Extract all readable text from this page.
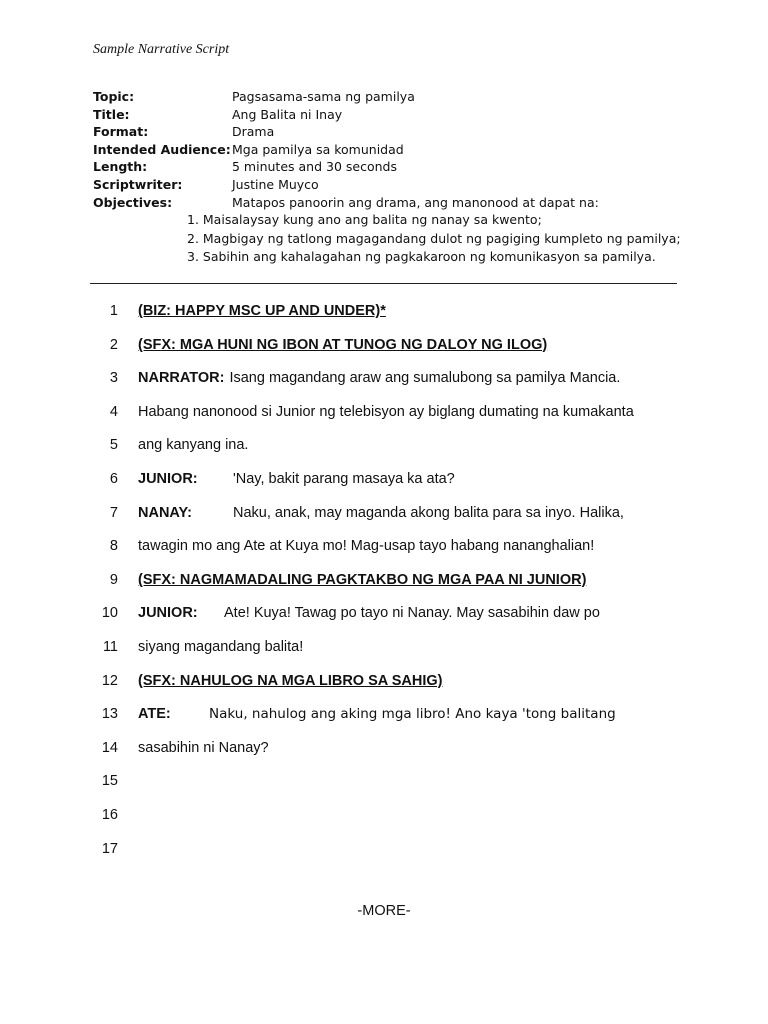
Sample Narrative Script
Topic:	Pagsasama-sama ng pamilya
Title:	Ang Balita ni Inay
Format:	Drama
Intended Audience:Mga pamilya sa komunidad
Length:	5 minutes and 30 seconds
Scriptwriter:	Justine Muyco
Objectives:	Matapos panoorin ang drama, ang manonood at dapat na:
1. Maisalaysay kung ano ang balita ng nanay sa kwento;
2. Magbigay ng tatlong magagandang dulot ng pagiging kumpleto ng pamilya;
3. Sabihin ang kahalagahan ng pagkakaroon ng komunikasyon sa pamilya.
1 (BIZ: HAPPY MSC UP AND UNDER)*
2 (SFX: MGA HUNI NG IBON AT TUNOG NG DALOY NG ILOG)
3 NARRATOR: Isang magandang araw ang sumalubong sa pamilya Mancia.
4 Habang nanonood si Junior ng telebisyon ay biglang dumating na kumakanta
5 ang kanyang ina.
6 JUNIOR: 'Nay, bakit parang masaya ka ata?
7 NANAY:	Naku, anak, may maganda akong balita para sa inyo. Halika,
8 tawagin mo ang Ate at Kuya mo! Mag-usap tayo habang nananghalian!
9 (SFX: NAGMAMADALING PAGKTAKBO NG MGA PAA NI JUNIOR)
10 JUNIOR: Ate! Kuya! Tawag po tayo ni Nanay. May sasabihin daw po
11 siyang magandang balita!
12 (SFX: NAHULOG NA MGA LIBRO SA SAHIG)
13 ATE:	Naku, nahulog ang aking mga libro! Ano kaya 'tong balitang
14 sasabihin ni Nanay?
15
16
17
-MORE-
